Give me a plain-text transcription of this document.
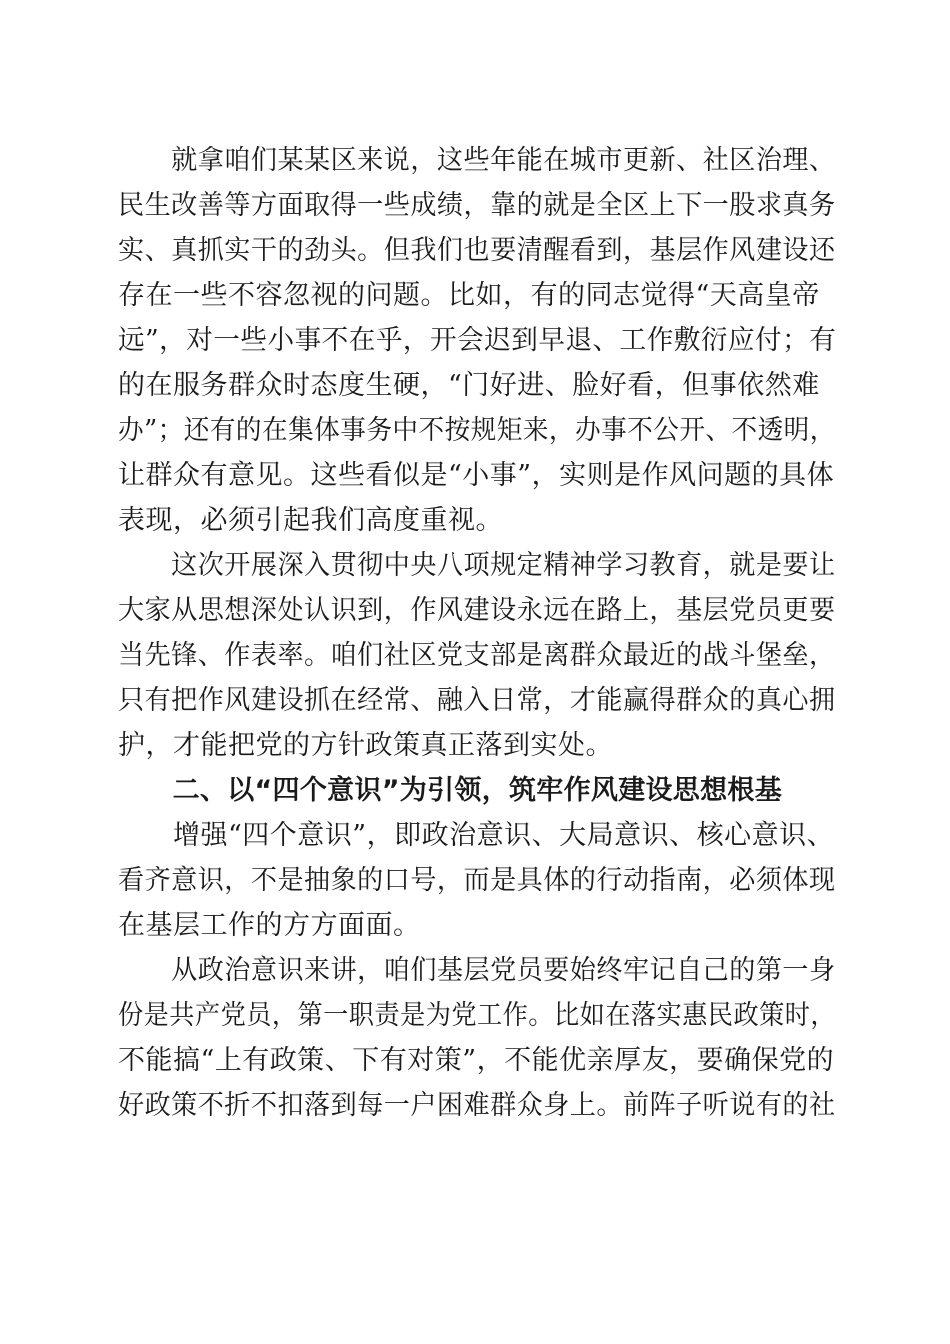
　　就拿咱们某某区来说，这些年能在城市更新、社区治理、
民生改善等方面取得一些成绩，靠的就是全区上下一股求真务
实、真抓实干的劲头。但我们也要清醒看到，基层作风建设还
存在一些不容忽视的问题。比如，有的同志觉得“天高皇帝
远”，对一些小事不在乎，开会迟到早退、工作敷衍应付；有
的在服务群众时态度生硬，“门好进、脸好看，但事依然难
办”；还有的在集体事务中不按规矩来，办事不公开、不透明，
让群众有意见。这些看似是“小事”，实则是作风问题的具体
表现，必须引起我们高度重视。
　　这次开展深入贯彻中央八项规定精神学习教育，就是要让
大家从思想深处认识到，作风建设永远在路上，基层党员更要
当先锋、作表率。咱们社区党支部是离群众最近的战斗堡垒，
只有把作风建设抓在经常、融入日常，才能赢得群众的真心拥
护，才能把党的方针政策真正落到实处。
　　二、以“四个意识”为引领，筑牢作风建设思想根基
　　增强“四个意识”，即政治意识、大局意识、核心意识、
看齐意识，不是抽象的口号，而是具体的行动指南，必须体现
在基层工作的方方面面。
　　从政治意识来讲，咱们基层党员要始终牢记自己的第一身
份是共产党员，第一职责是为党工作。比如在落实惠民政策时，
不能搞“上有政策、下有对策”，不能优亲厚友，要确保党的
好政策不折不扣落到每一户困难群众身上。前阵子听说有的社
